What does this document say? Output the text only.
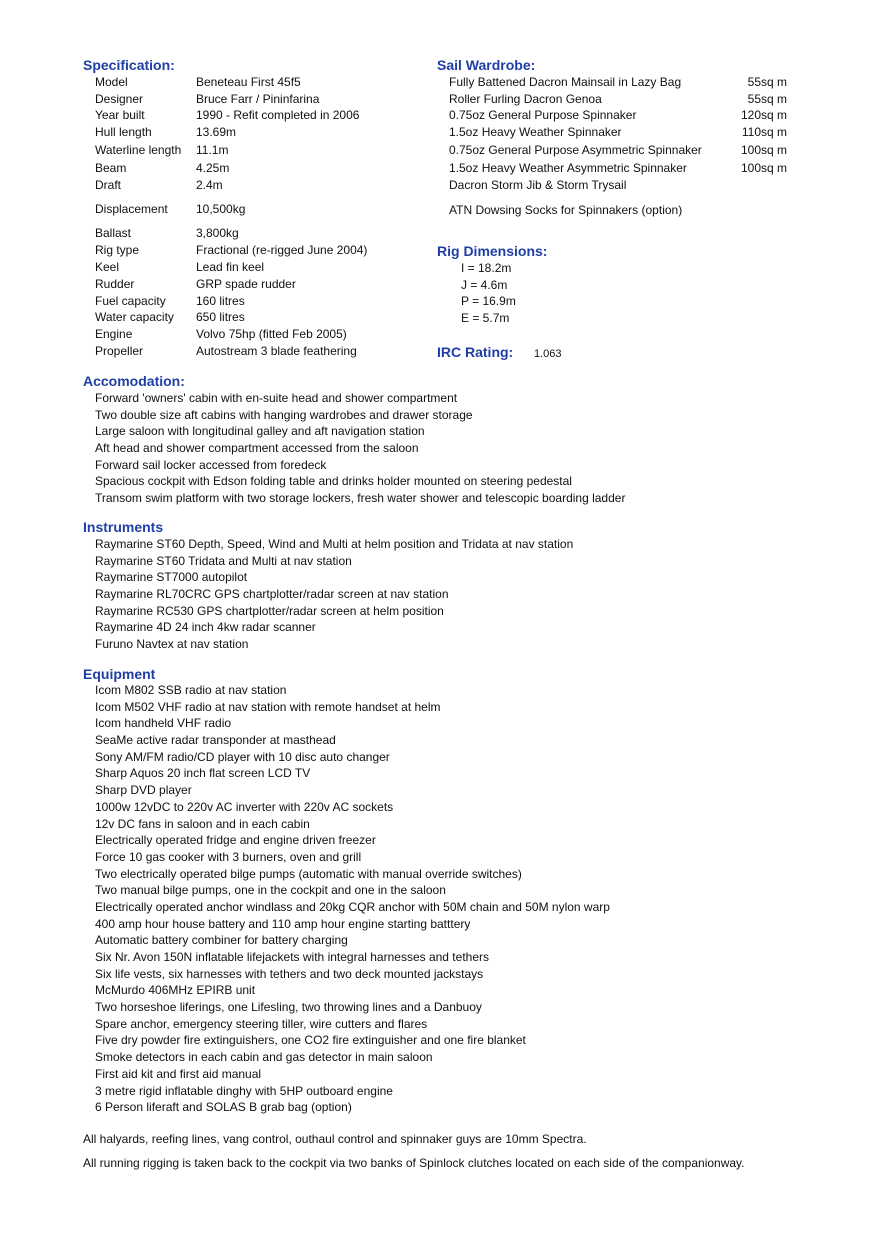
Specification:
Model	Beneteau First 45f5
Designer	Bruce Farr / Pininfarina
Year built	1990 - Refit completed in 2006
Hull length	13.69m
Waterline length 11.1m
Beam	4.25m
Draft	2.4m
Displacement 10,500kg
Ballast	3,800kg
Rig type	Fractional (re-rigged June 2004)
Keel	Lead fin keel
Rudder	GRP spade rudder
Fuel capacity	160 litres
Water capacity 650 litres
Engine	Volvo 75hp (fitted Feb 2005)
Propeller	Autostream 3 blade feathering
Sail Wardrobe:
Fully Battened Dacron Mainsail in Lazy Bag	55sq m
Roller Furling Dacron Genoa	55sq m
0.75oz General Purpose Spinnaker	120sq m
1.5oz Heavy Weather Spinnaker	110sq m
0.75oz General Purpose Asymmetric Spinnaker	100sq m
1.5oz Heavy Weather Asymmetric Spinnaker	100sq m
Dacron Storm Jib & Storm Trysail
ATN Dowsing Socks for Spinnakers (option)
Rig Dimensions:
I = 18.2m
J = 4.6m
P = 16.9m
E = 5.7m
IRC Rating: 1.063
Accomodation:
Forward 'owners' cabin with en-suite head and shower compartment
Two double size aft cabins with hanging wardrobes and drawer storage
Large saloon with longitudinal galley and aft navigation station
Aft head and shower compartment accessed from the saloon
Forward sail locker accessed from foredeck
Spacious cockpit with Edson folding table and drinks holder mounted on steering pedestal
Transom swim platform with two storage lockers, fresh water shower and telescopic boarding ladder
Instruments
Raymarine ST60 Depth, Speed, Wind and Multi at helm position and Tridata at nav station
Raymarine ST60 Tridata and Multi at nav station
Raymarine ST7000 autopilot
Raymarine RL70CRC GPS chartplotter/radar screen at nav station
Raymarine RC530 GPS chartplotter/radar screen at helm position
Raymarine 4D 24 inch 4kw radar scanner
Furuno Navtex at nav station
Equipment
Icom M802 SSB radio at nav station
Icom M502 VHF radio at nav station with remote handset at helm
Icom handheld VHF radio
SeaMe active radar transponder at masthead
Sony AM/FM radio/CD player with 10 disc auto changer
Sharp Aquos 20 inch flat screen LCD TV
Sharp DVD player
1000w 12vDC to 220v AC inverter with 220v AC sockets
12v DC fans in saloon and in each cabin
Electrically operated fridge and engine driven freezer
Force 10 gas cooker with 3 burners, oven and grill
Two electrically operated bilge pumps (automatic with manual override switches)
Two manual bilge pumps, one in the cockpit and one in the saloon
Electrically operated anchor windlass and 20kg CQR anchor with 50M chain and 50M nylon warp
400 amp hour house battery and 110 amp hour engine starting batttery
Automatic battery combiner for battery charging
Six Nr. Avon 150N inflatable lifejackets with integral harnesses and tethers
Six life vests, six harnesses with tethers and two deck mounted jackstays
McMurdo 406MHz EPIRB unit
Two horseshoe liferings, one Lifesling, two throwing lines and a Danbuoy
Spare anchor, emergency steering tiller, wire cutters and flares
Five dry powder fire extinguishers, one CO2 fire extinguisher and one fire blanket
Smoke detectors in each cabin and gas detector in main saloon
First aid kit and first aid manual
3 metre rigid inflatable dinghy with 5HP outboard engine
6 Person liferaft and SOLAS B grab bag (option)
All halyards, reefing lines, vang control, outhaul control and spinnaker guys are 10mm Spectra.
All running rigging is taken back to the cockpit via two banks of Spinlock clutches located on each side of the companionway.
